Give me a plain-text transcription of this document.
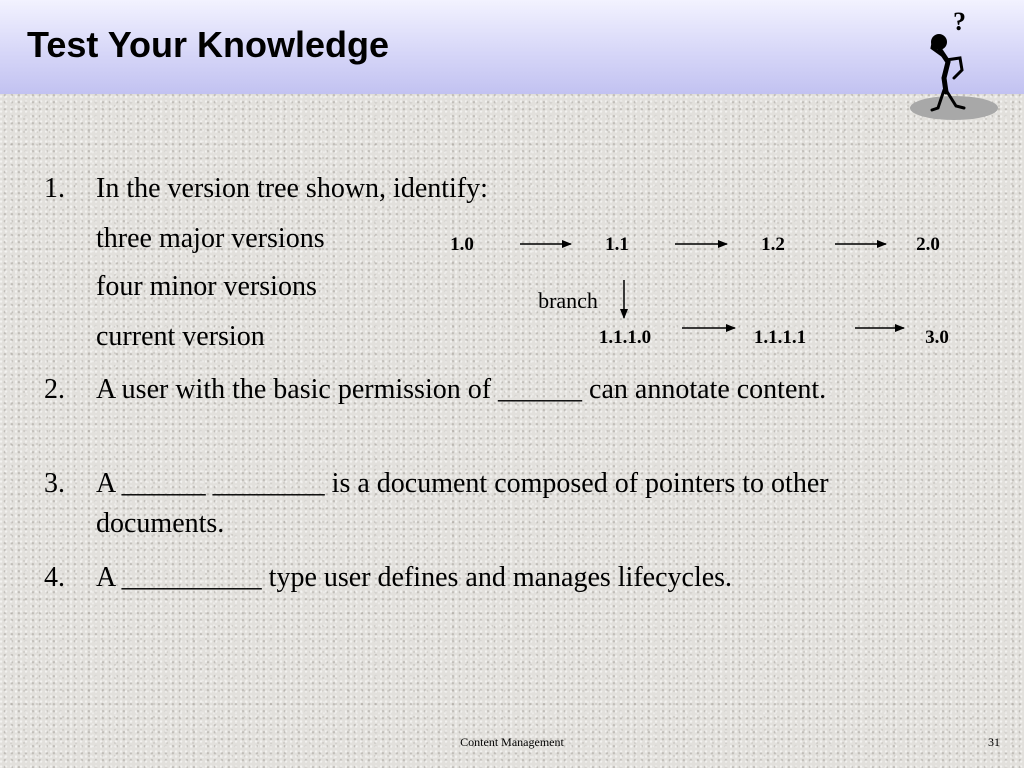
Test Your Knowledge
?
1. In the version tree shown, identify:
three major versions
four minor versions
current version
2. A user with the basic permission of ______ can annotate content.
3. A ______ ________ is a document composed of pointers to other documents.
4. A __________ type user defines and manages lifecycles.
1.0	1.1	1.2	2.0
branch
1.1.1.0	1.1.1.1	3.0
Content Management	31
